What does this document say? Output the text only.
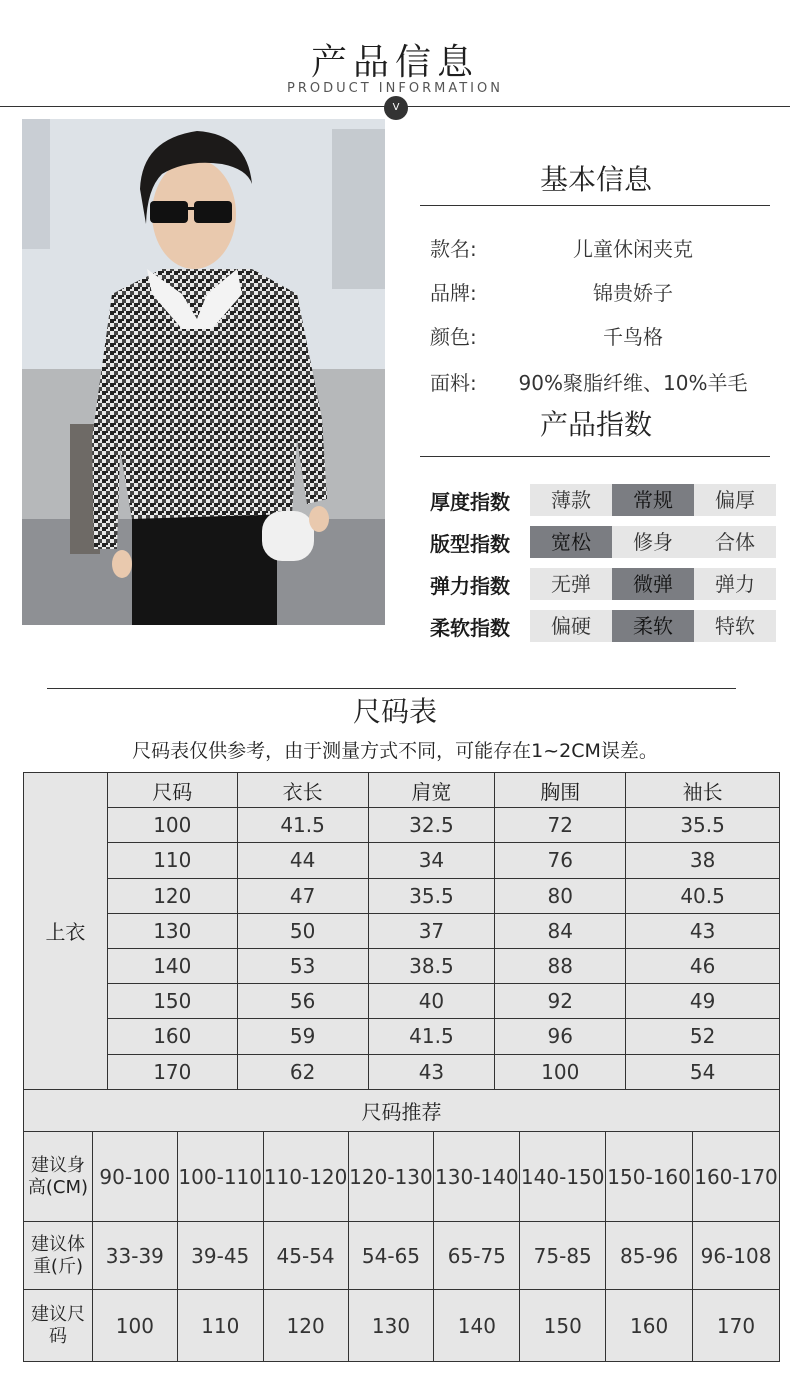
产品信息
PRODUCT INFORMATION
V
基本信息
款名:	儿童休闲夹克
品牌:	锦贵娇子
颜色:	千鸟格
面料:	90%聚脂纤维、10%羊毛
产品指数
厚度指数	薄款	常规	偏厚
版型指数	宽松	修身	合体
弹力指数	无弹	微弹	弹力
柔软指数	偏硬	柔软	特软
尺码表
尺码表仅供参考，由于测量方式不同，可能存在1~2CM误差。
上衣	尺码	衣长	肩宽	胸围	袖长
	100	41.5	32.5	72	35.5
	110	44	34	76	38
	120	47	35.5	80	40.5
	130	50	37	84	43
	140	53	38.5	88	46
	150	56	40	92	49
	160	59	41.5	96	52
	170	62	43	100	54
尺码推荐								
建议身高(CM)	90-100	100-110	110-120	120-130	130-140	140-150	150-160	160-170
建议体重(斤)	33-39	39-45	45-54	54-65	65-75	75-85	85-96	96-108
建议尺码	100	110	120	130	140	150	160	170
